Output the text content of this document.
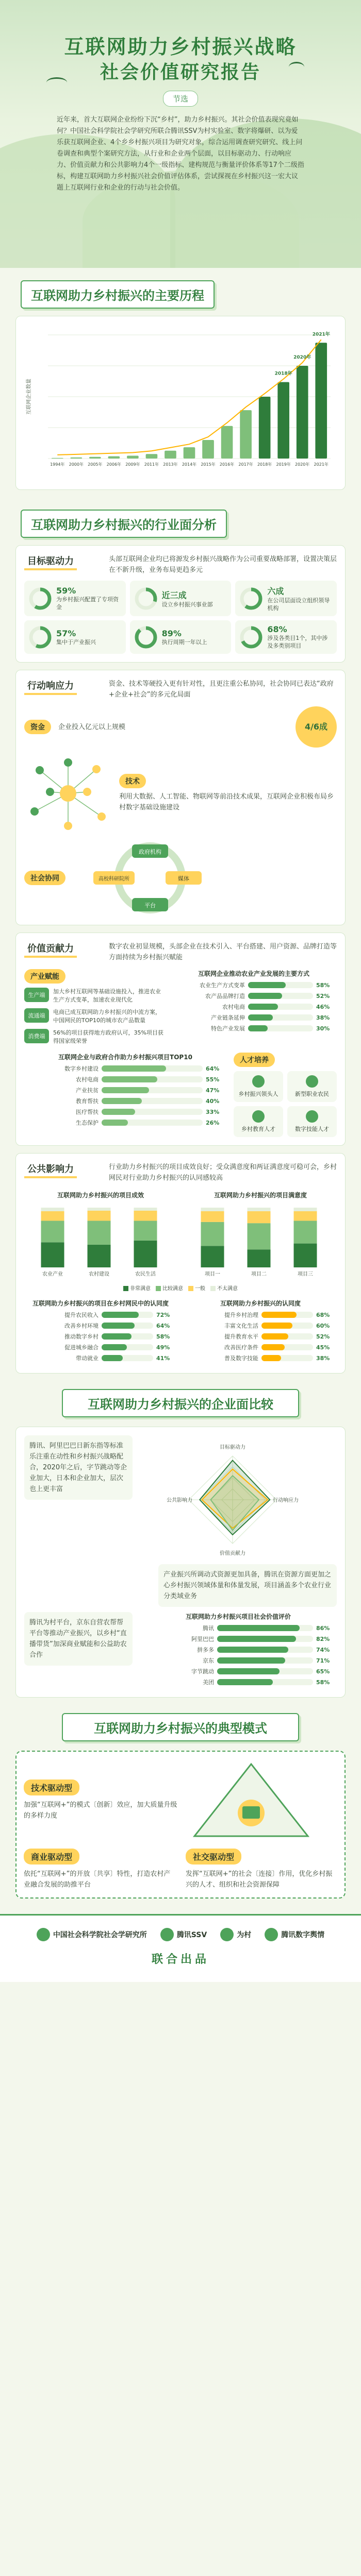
互联网助力乡村振兴战略
社会价值研究报告
节选
近年来，首大互联网企业纷纷下沉“乡村”，助力乡村振兴。其社会价值表现究竟如何？中国社会科学院社会学研究所联合腾讯SSV为村实验室、数字将爆研、以为爱乐获互联网企业、4个乡乡村振兴项目为研究对象，综合运用调查研究研究、线上问卷调查和典型个案研究方法，从行业和企业两个层面，以目标驱动力、行动响应力、价值贡献力和公共影响力4个一级指标、建构规范与衡量评价体系等17个二级指标，构建互联网助力乡村振兴社会价值评估体系，尝试探视在乡村振兴这一宏大议题上互联网行业和企业的行动与社会价值。
互联网助力乡村振兴的主要历程
互联网企业数量
1994年 2000年 2005年 2006年 2009年 2011年 2013年 2014年 2015年 2016年 2017年 2018年 2019年 2020年 2021年
2018年
2020年
2021年
互联网助力乡村振兴的行业面分析
目标驱动力	头部互联网企业均已将源发乡村振兴战略作为公司重要战略部署，设置决策层在不新升级，业务布局更趋多元
59%
为乡村振兴配置了专项资金
近三成
设立乡村振兴事业部
六成
在公司层面设立组织领导机构
57%
集中于产业振兴
89%
执行周期一年以上
68%
涉及各类目1个，其中涉及多类别项目
行动响应力	资金、技术等硬投入更有针对性，且更注重公私协同，社会协同已表达“政府+企业+社会”的多元化局面
资金	企业投入亿元以上规模	4/6成
技术
利用大数据、人工智能、物联网等前沿技术成果，互联网企业积极布局乡村数字基础设施建设
社会协同
政府机构
高校科研院所	媒体
平台
价值贡献力	数字农业初显规模，头部企业在技术引入、平台搭建、用户资源、品牌打造等方面持续为乡村振兴赋能
产业赋能
生产端
加大乡村互联网等基础设施投入，推进农业生产方式变革，加速农业现代化
流通端
电商已成互联网助力乡村振兴的中流方案，中国网民的TOP10的城市农产品数量
消费端
56%的项目获得地方政府认可，35%项目获得国家级荣誉
互联网企业推动农业产业发展的主要方式
农业生产方式变革	58%
农产品品牌打造	52%
农村电商	46%
产业链条延伸	38%
特色产业发展	30%
互联网企业与政府合作助力乡村振兴项目TOP10
数字乡村建设	64%
农村电商	55%
产业扶贫	47%
教育帮扶	40%
医疗帮扶	33%
生态保护	26%
人才培养
乡村振兴领头人	新型职业农民
乡村教育人才	数字技能人才
公共影响力	行业助力乡村振兴的项目成效良好；受众满意度和两证满意度可稳可会，乡村网民对行业助力乡村振兴的认同感较高
互联网助力乡村振兴的项目成效
农业产业	农村建设	农民生活
互联网助力乡村振兴的项目满意度
项目一	项目二	项目三
非常满意	比较满意	一般	不太满意
互联网助力乡村振兴的项目在乡村网民中的认同度
提升农民收入	72%
改善乡村环境	64%
推动数字乡村	58%
促进城乡融合	49%
带动就业	41%
互联网助力乡村振兴的认同度
提升乡村治理	68%
丰富文化生活	60%
提升教育水平	52%
改善医疗条件	45%
普及数字技能	38%
互联网助力乡村振兴的企业面比较
腾讯、阿里巴巴日新东指等标准乐注重在动性和乡村振兴战略配合，2020年之后，字节跳动等企业加大，日本和企业加大，层次也上更丰富
目标驱动力
行动响应力
价值贡献力
公共影响力
产业振兴所调动式资源更加具备，腾讯在资源方面更加之心乡村振兴领域体量和体量发展，项目涵盖多个农业行业分类域业务
腾讯为村平台，京东自营农帮帮平台等推动产业振兴，以乡村“直播带货”加深商业赋能和公益助农合作
互联网助力乡村振兴项目社会价值评价
腾讯	86%
阿里巴巴	82%
拼多多	74%
京东	71%
字节跳动	65%
美团	58%
互联网助力乡村振兴的典型模式
技术驱动型
加强“互联网+”的模式〔创新〕效应，加大质量升级的多样力度
商业驱动型
依托“互联网+”的开放〔共享〕特性，打造农村产业融合发展的助推平台
社交驱动型
发挥“互联网+”的社会〔连接〕作用，优化乡村振兴的人才、组织和社会资源保障
中国社会科学院社会学研究所	腾讯SSV	为村	腾讯数字舆情
联合出品
